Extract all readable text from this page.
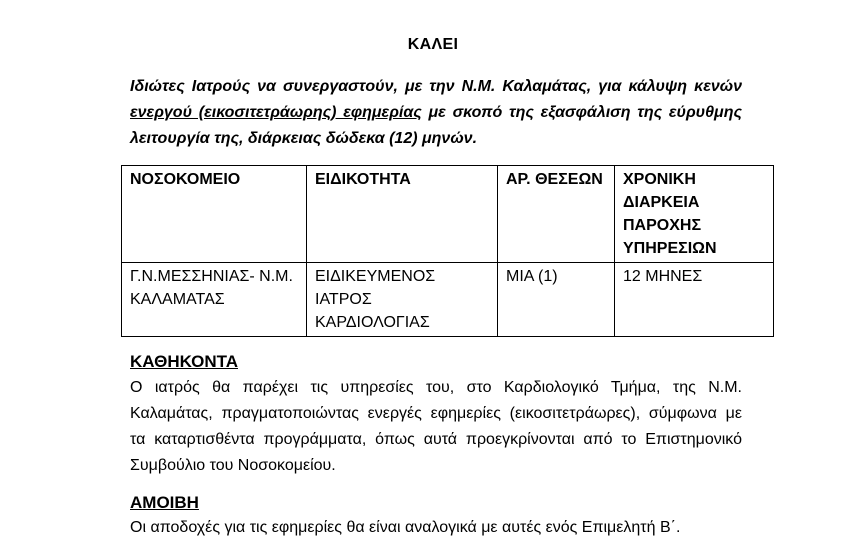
ΚΑΛΕΙ
Ιδιώτες Ιατρούς να συνεργαστούν, με την Ν.Μ. Καλαμάτας, για κάλυψη κενών
ενεργού (εικοσιτετράωρης) εφημερίας με σκοπό της εξασφάλιση της εύρυθμης
λειτουργία της, διάρκειας δώδεκα (12) μηνών.
ΝΟΣΟΚΟΜΕΙΟ	ΕΙΔΙΚΟΤΗΤΑ	ΑΡ. ΘΕΣΕΩΝ	ΧΡΟΝΙΚΗ ΔΙΑΡΚΕΙΑ ΠΑΡΟΧΗΣ ΥΠΗΡΕΣΙΩΝ
Γ.Ν.ΜΕΣΣΗΝΙΑΣ- Ν.Μ. ΚΑΛΑΜΑΤΑΣ	ΕΙΔΙΚΕΥΜΕΝΟΣ ΙΑΤΡΟΣ ΚΑΡΔΙΟΛΟΓΙΑΣ	ΜΙΑ (1)	12 ΜΗΝΕΣ
ΚΑΘΗΚΟΝΤΑ
Ο ιατρός θα παρέχει τις υπηρεσίες του, στο Καρδιολογικό Τμήμα, της Ν.Μ.
Καλαμάτας, πραγματοποιώντας ενεργές εφημερίες (εικοσιτετράωρες), σύμφωνα με
τα καταρτισθέντα προγράμματα, όπως αυτά προεγκρίνονται από το Επιστημονικό
Συμβούλιο του Νοσοκομείου.
ΑΜΟΙΒΗ
Οι αποδοχές για τις εφημερίες θα είναι αναλογικά με αυτές ενός Επιμελητή Β΄.
